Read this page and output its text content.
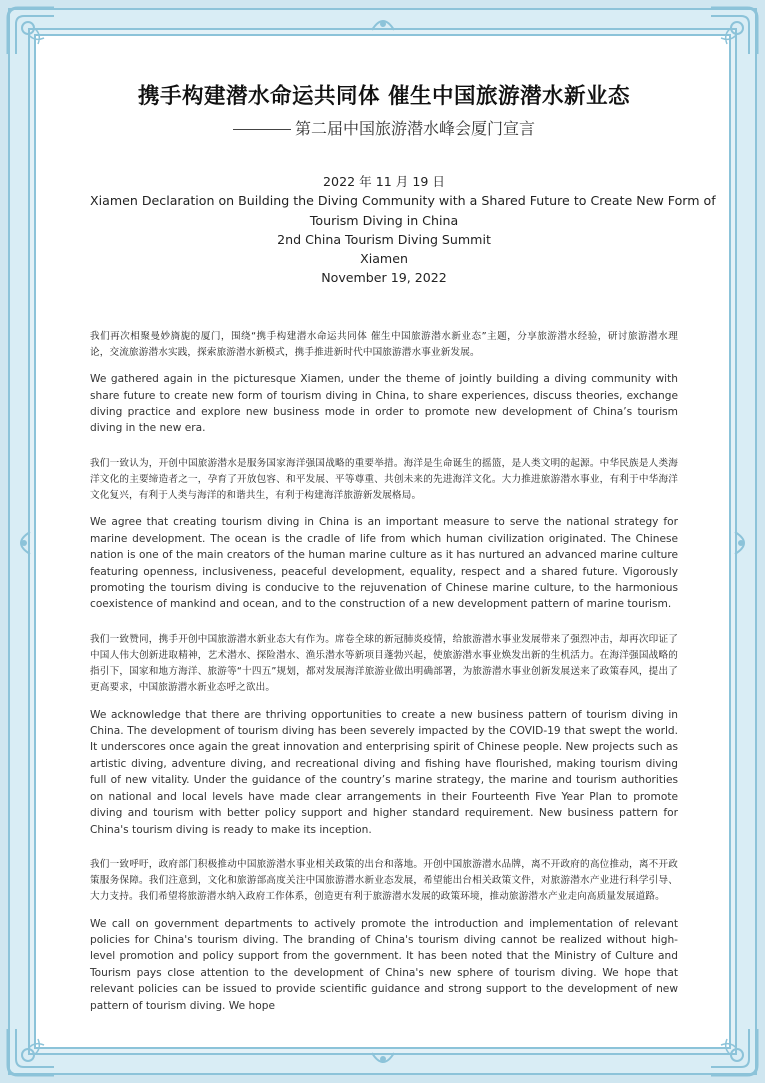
携手构建潜水命运共同体 催生中国旅游潜水新业态
第二届中国旅游潜水峰会厦门宣言
2022 年 11 月 19 日
Xiamen Declaration on Building the Diving Community with a Shared Future to Create New Form of
Tourism Diving in China
2nd China Tourism Diving Summit
Xiamen
November 19, 2022

我们再次相聚曼妙旖旎的厦门，围绕“携手构建潜水命运共同体 催生中国旅游潜水新业态”主题，分享旅游潜水经验，研讨旅游潜水理论，交流旅游潜水实践，探索旅游潜水新模式，携手推进新时代中国旅游潜水事业新发展。

We gathered again in the picturesque Xiamen, under the theme of jointly building a diving community with share future to create new form of tourism diving in China, to share experiences, discuss theories, exchange diving practice and explore new business mode in order to promote new development of China’s tourism diving in the new era.

我们一致认为，开创中国旅游潜水是服务国家海洋强国战略的重要举措。海洋是生命诞生的摇篮，是人类文明的起源。中华民族是人类海洋文化的主要缔造者之一，孕育了开放包容、和平发展、平等尊重、共创未来的先进海洋文化。大力推进旅游潜水事业，有利于中华海洋文化复兴，有利于人类与海洋的和谐共生，有利于构建海洋旅游新发展格局。

We agree that creating tourism diving in China is an important measure to serve the national strategy for marine development. The ocean is the cradle of life from which human civilization originated. The Chinese nation is one of the main creators of the human marine culture as it has nurtured an advanced marine culture featuring openness, inclusiveness, peaceful development, equality, respect and a shared future. Vigorously promoting the tourism diving is conducive to the rejuvenation of Chinese marine culture, to the harmonious coexistence of mankind and ocean, and to the construction of a new development pattern of marine tourism.

我们一致赞同，携手开创中国旅游潜水新业态大有作为。席卷全球的新冠肺炎疫情，给旅游潜水事业发展带来了强烈冲击，却再次印证了中国人伟大创新进取精神，艺术潜水、探险潜水、渔乐潜水等新项目蓬勃兴起，使旅游潜水事业焕发出新的生机活力。在海洋强国战略的指引下，国家和地方海洋、旅游等“十四五”规划，都对发展海洋旅游业做出明确部署，为旅游潜水事业创新发展送来了政策春风，提出了更高要求，中国旅游潜水新业态呼之欲出。

We acknowledge that there are thriving opportunities to create a new business pattern of tourism diving in China. The development of tourism diving has been severely impacted by the COVID-19 that swept the world. It underscores once again the great innovation and enterprising spirit of Chinese people. New projects such as artistic diving, adventure diving, and recreational diving and fishing have flourished, making tourism diving full of new vitality. Under the guidance of the country’s marine strategy, the marine and tourism authorities on national and local levels have made clear arrangements in their Fourteenth Five Year Plan to promote diving and tourism with better policy support and higher standard requirement. New business pattern for China's tourism diving is ready to make its inception.

我们一致呼吁，政府部门积极推动中国旅游潜水事业相关政策的出台和落地。开创中国旅游潜水品牌，离不开政府的高位推动，离不开政策服务保障。我们注意到，文化和旅游部高度关注中国旅游潜水新业态发展，希望能出台相关政策文件，对旅游潜水产业进行科学引导、大力支持。我们希望将旅游潜水纳入政府工作体系，创造更有利于旅游潜水发展的政策环境，推动旅游潜水产业走向高质量发展道路。

We call on government departments to actively promote the introduction and implementation of relevant policies for China's tourism diving. The branding of China's tourism diving cannot be realized without high-level promotion and policy support from the government. It has been noted that the Ministry of Culture and Tourism pays close attention to the development of China's new sphere of tourism diving. We hope that relevant policies can be issued to provide scientific guidance and strong support to the development of new pattern of tourism diving. We hope
